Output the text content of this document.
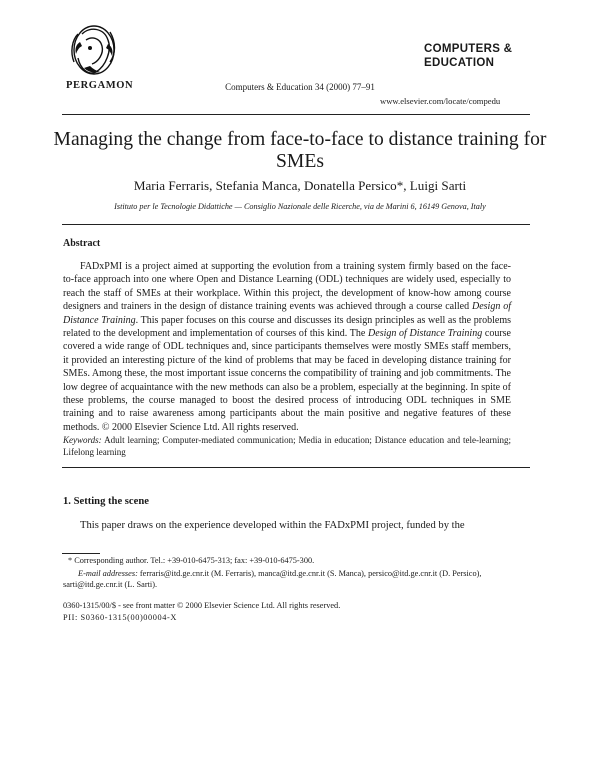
PERGAMON	Computers & Education 34 (2000) 77–91
COMPUTERS &
EDUCATION
www.elsevier.com/locate/compedu
Managing the change from face-to-face to distance training for SMEs
Maria Ferraris, Stefania Manca, Donatella Persico*, Luigi Sarti
Istituto per le Tecnologie Didattiche — Consiglio Nazionale delle Ricerche, via de Marini 6, 16149 Genova, Italy
Abstract
FADxPMI is a project aimed at supporting the evolution from a training system firmly based on the face-to-face approach into one where Open and Distance Learning (ODL) techniques are widely used, especially to reach the staff of SMEs at their workplace. Within this project, the development of know-how among course designers and trainers in the design of distance training events was achieved through a course called Design of Distance Training. This paper focuses on this course and discusses its design principles as well as the problems related to the development and implementation of courses of this kind. The Design of Distance Training course covered a wide range of ODL techniques and, since participants themselves were mostly SMEs staff members, it provided an interesting picture of the kind of problems that may be faced in developing distance training for SMEs. Among these, the most important issue concerns the compatibility of training and job commitments. The low degree of acquaintance with the new methods can also be a problem, especially at the beginning. In spite of these problems, the course managed to boost the desired process of introducing ODL techniques in SME training and to raise awareness among participants about the main positive and negative features of these methods. © 2000 Elsevier Science Ltd. All rights reserved.
Keywords: Adult learning; Computer-mediated communication; Media in education; Distance education and tele-learning; Lifelong learning
1. Setting the scene
This paper draws on the experience developed within the FADxPMI project, funded by the
* Corresponding author. Tel.: +39-010-6475-313; fax: +39-010-6475-300.
E-mail addresses: ferraris@itd.ge.cnr.it (M. Ferraris), manca@itd.ge.cnr.it (S. Manca), persico@itd.ge.cnr.it (D. Persico), sarti@itd.ge.cnr.it (L. Sarti).
0360-1315/00/$ - see front matter © 2000 Elsevier Science Ltd. All rights reserved.
PII: S0360-1315(00)00004-X
